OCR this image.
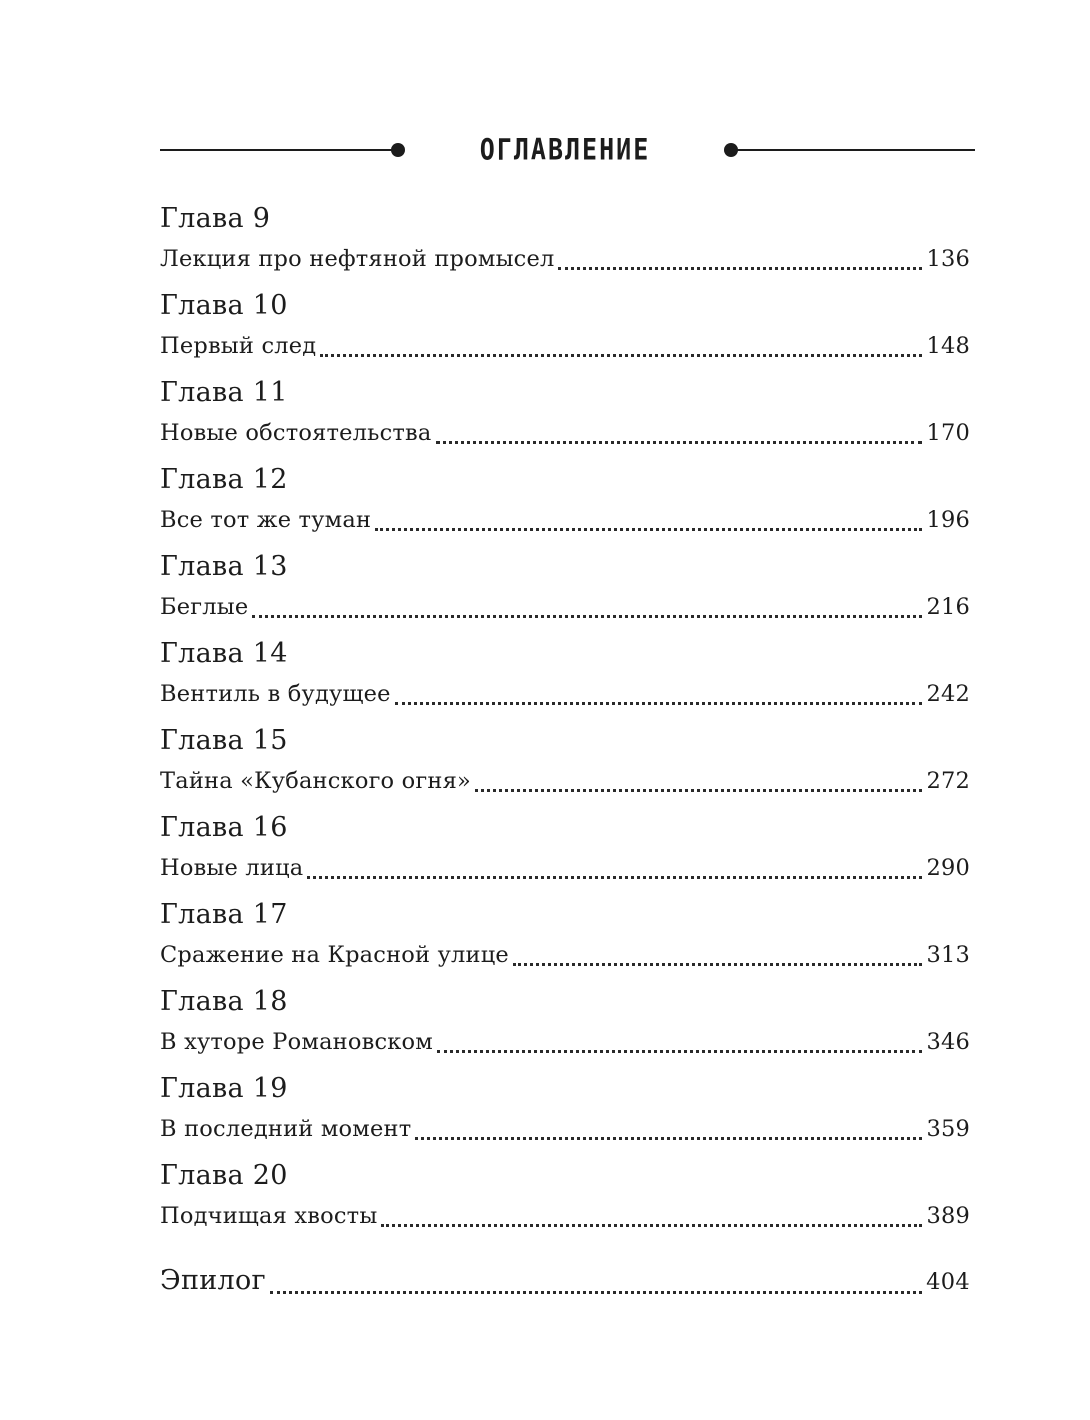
ОГЛАВЛЕНИЕ
Глава 9
Лекция про нефтяной промысел	136
Глава 10
Первый след	148
Глава 11
Новые обстоятельства	170
Глава 12
Все тот же туман	196
Глава 13
Беглые	216
Глава 14
Вентиль в будущее	242
Глава 15
Тайна «Кубанского огня»	272
Глава 16
Новые лица	290
Глава 17
Сражение на Красной улице	313
Глава 18
В хуторе Романовском	346
Глава 19
В последний момент	359
Глава 20
Подчищая хвосты	389
Эпилог	404
